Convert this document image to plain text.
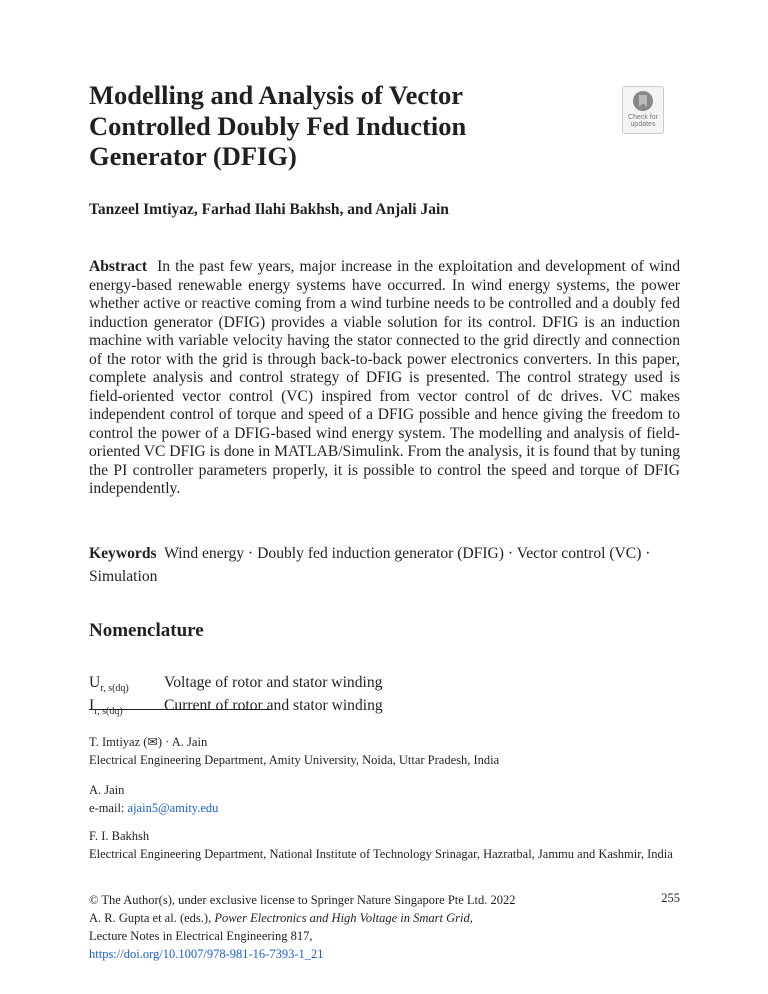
Modelling and Analysis of Vector Controlled Doubly Fed Induction Generator (DFIG)
Check for
updates
Tanzeel Imtiyaz, Farhad Ilahi Bakhsh, and Anjali Jain
Abstract In the past few years, major increase in the exploitation and development of wind energy-based renewable energy systems have occurred. In wind energy systems, the power whether active or reactive coming from a wind turbine needs to be controlled and a doubly fed induction generator (DFIG) provides a viable solution for its control. DFIG is an induction machine with variable velocity having the stator connected to the grid directly and connection of the rotor with the grid is through back-to-back power electronics converters. In this paper, complete analysis and control strategy of DFIG is presented. The control strategy used is field-oriented vector control (VC) inspired from vector control of dc drives. VC makes independent control of torque and speed of a DFIG possible and hence giving the freedom to control the power of a DFIG-based wind energy system. The modelling and analysis of field-oriented VC DFIG is done in MATLAB/Simulink. From the analysis, it is found that by tuning the PI controller parameters properly, it is possible to control the speed and torque of DFIG independently.
Keywords Wind energy · Doubly fed induction generator (DFIG) · Vector control (VC) · Simulation
Nomenclature
$U_{r, s(dq)}$	Voltage of rotor and stator winding
$I_{r, s(dq)}$	Current of rotor and stator winding
T. Imtiyaz (✉) · A. Jain
Electrical Engineering Department, Amity University, Noida, Uttar Pradesh, India
A. Jain
e-mail: ajain5@amity.edu
F. I. Bakhsh
Electrical Engineering Department, National Institute of Technology Srinagar, Hazratbal, Jammu and Kashmir, India
© The Author(s), under exclusive license to Springer Nature Singapore Pte Ltd. 2022
A. R. Gupta et al. (eds.), Power Electronics and High Voltage in Smart Grid,
Lecture Notes in Electrical Engineering 817,
https://doi.org/10.1007/978-981-16-7393-1_21
255
